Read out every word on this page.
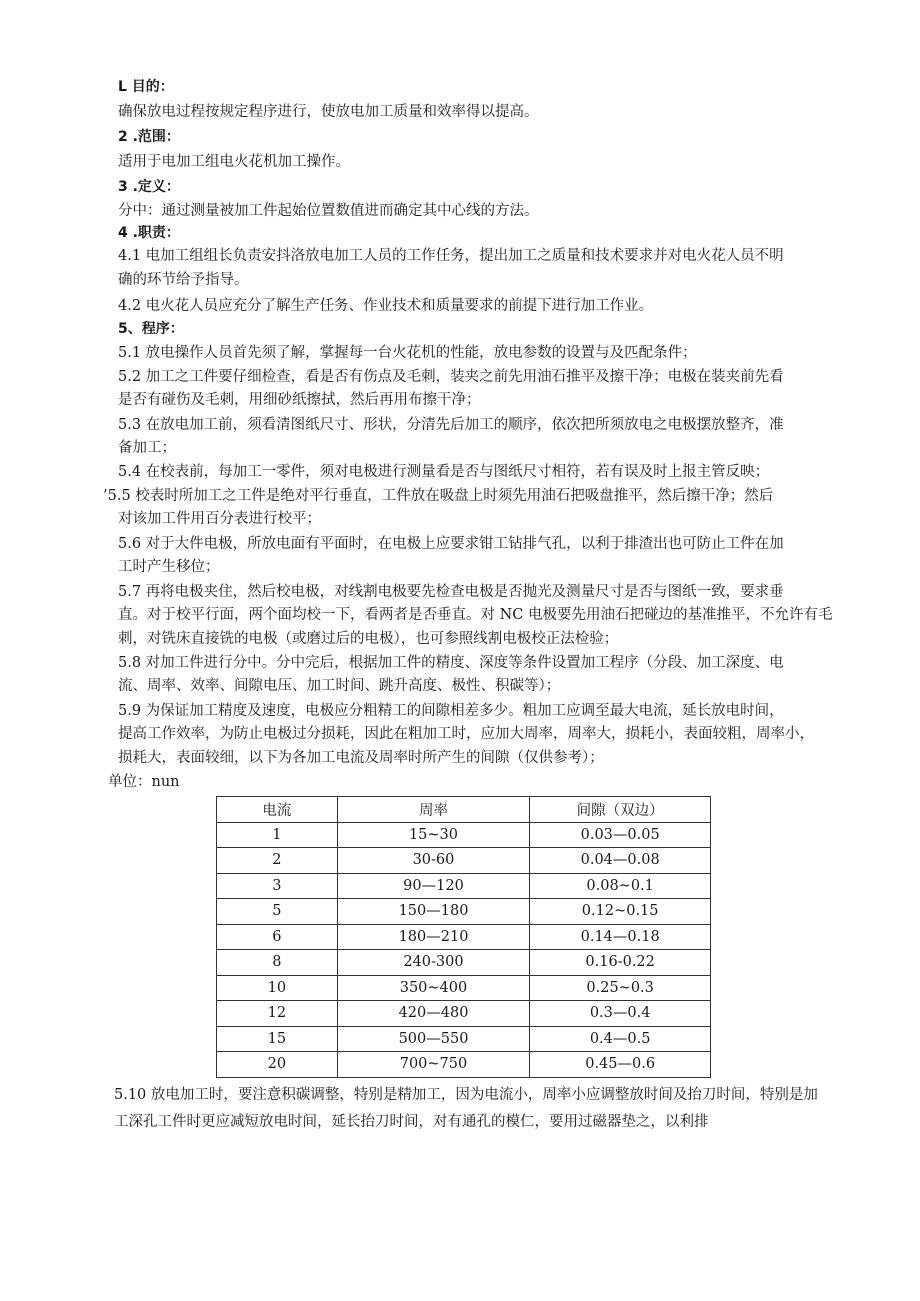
L 目的：
确保放电过程按规定程序进行，使放电加工质量和效率得以提高。
2 .范围：
适用于电加工组电火花机加工操作。
3 .定义：
分中：通过测量被加工件起始位置数值进而确定其中心线的方法。
4 .职责：
4.1 电加工组组长负责安抖洛放电加工人员的工作任务，提出加工之质量和技术要求并对电火花人员不明
确的环节给予指导。
4.2 电火花人员应充分了解生产任务、作业技术和质量要求的前提下进行加工作业。
5、程序：
5.1 放电操作人员首先须了解，掌握每一台火花机的性能，放电参数的设置与及匹配条件；
5.2 加工之工件要仔细检查，看是否有伤点及毛刺，装夹之前先用油石推平及擦干净；电极在装夹前先看
是否有碰伤及毛刺，用细砂纸擦拭，然后再用布擦干净；
5.3 在放电加工前，须看清图纸尺寸、形状，分清先后加工的顺序，依次把所须放电之电极摆放整齐，准
备加工；
5.4 在校表前，每加工一零件，须对电极进行测量看是否与图纸尺寸相符，若有误及时上报主管反映；
’5.5 校表时所加工之工件是绝对平行垂直，工件放在吸盘上时须先用油石把吸盘推平，然后擦干净；然后
对该加工件用百分表进行校平；
5.6 对于大件电极，所放电面有平面时，在电极上应要求钳工钻排气孔，以利于排渣出也可防止工件在加
工时产生移位；
5.7 再将电极夹住，然后校电极，对线割电极要先检查电极是否抛光及测量尺寸是否与图纸一致，要求垂
直。对于校平行面，两个面均校一下，看两者是否垂直。对 NC 电极要先用油石把碰边的基准推平，不允许有毛
刺，对铣床直接铣的电极（或磨过后的电极），也可参照线割电极校正法检验；
5.8 对加工件进行分中。分中完后，根据加工件的精度、深度等条件设置加工程序（分段、加工深度、电
流、周率、效率、间隙电压、加工时间、跳升高度、极性、积碳等）；
5.9 为保证加工精度及速度，电极应分粗精工的间隙相差多少。粗加工应调至最大电流，延长放电时间，
提高工作效率，为防止电极过分损耗，因此在粗加工时，应加大周率，周率大，损耗小，表面较粗，周率小，
损耗大，表面较细，以下为各加工电流及周率时所产生的间隙（仅供参考）；
单位：nun
电流	周率	间隙（双边）
1	15~30	0.03—0.05
2	30-60	0.04—0.08
3	90—120	0.08~0.1
5	150—180	0.12~0.15
6	180—210	0.14—0.18
8	240-300	0.16-0.22
10	350~400	0.25~0.3
12	420—480	0.3—0.4
15	500—550	0.4—0.5
20	700~750	0.45—0.6
5.10 放电加工时，要注意积碳调整，特别是精加工，因为电流小，周率小应调整放时间及抬刀时间，特别是加
工深孔工件时更应减短放电时间，延长抬刀时间，对有通孔的模仁，要用过磁器垫之，以利排
